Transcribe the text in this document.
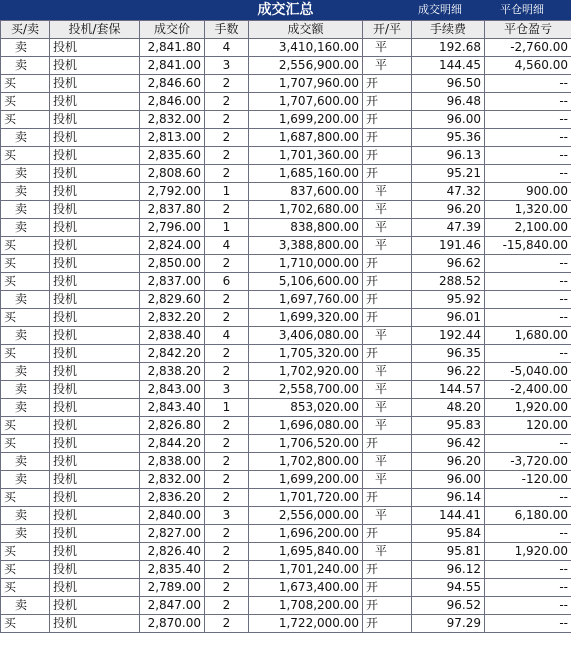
成交汇总	成交明细	平仓明细
买/卖	投机/套保	成交价	手数	成交额	开/平	手续费	平仓盈亏
卖	投机	2,841.80	4	3,410,160.00	平	192.68	-2,760.00
卖	投机	2,841.00	3	2,556,900.00	平	144.45	4,560.00
买	投机	2,846.60	2	1,707,960.00	开	96.50	--
买	投机	2,846.00	2	1,707,600.00	开	96.48	--
买	投机	2,832.00	2	1,699,200.00	开	96.00	--
卖	投机	2,813.00	2	1,687,800.00	开	95.36	--
买	投机	2,835.60	2	1,701,360.00	开	96.13	--
卖	投机	2,808.60	2	1,685,160.00	开	95.21	--
卖	投机	2,792.00	1	837,600.00	平	47.32	900.00
卖	投机	2,837.80	2	1,702,680.00	平	96.20	1,320.00
卖	投机	2,796.00	1	838,800.00	平	47.39	2,100.00
买	投机	2,824.00	4	3,388,800.00	平	191.46	-15,840.00
买	投机	2,850.00	2	1,710,000.00	开	96.62	--
买	投机	2,837.00	6	5,106,600.00	开	288.52	--
卖	投机	2,829.60	2	1,697,760.00	开	95.92	--
买	投机	2,832.20	2	1,699,320.00	开	96.01	--
卖	投机	2,838.40	4	3,406,080.00	平	192.44	1,680.00
买	投机	2,842.20	2	1,705,320.00	开	96.35	--
卖	投机	2,838.20	2	1,702,920.00	平	96.22	-5,040.00
卖	投机	2,843.00	3	2,558,700.00	平	144.57	-2,400.00
卖	投机	2,843.40	1	853,020.00	平	48.20	1,920.00
买	投机	2,826.80	2	1,696,080.00	平	95.83	120.00
买	投机	2,844.20	2	1,706,520.00	开	96.42	--
卖	投机	2,838.00	2	1,702,800.00	平	96.20	-3,720.00
卖	投机	2,832.00	2	1,699,200.00	平	96.00	-120.00
买	投机	2,836.20	2	1,701,720.00	开	96.14	--
卖	投机	2,840.00	3	2,556,000.00	平	144.41	6,180.00
卖	投机	2,827.00	2	1,696,200.00	开	95.84	--
买	投机	2,826.40	2	1,695,840.00	平	95.81	1,920.00
买	投机	2,835.40	2	1,701,240.00	开	96.12	--
买	投机	2,789.00	2	1,673,400.00	开	94.55	--
卖	投机	2,847.00	2	1,708,200.00	开	96.52	--
买	投机	2,870.00	2	1,722,000.00	开	97.29	--
